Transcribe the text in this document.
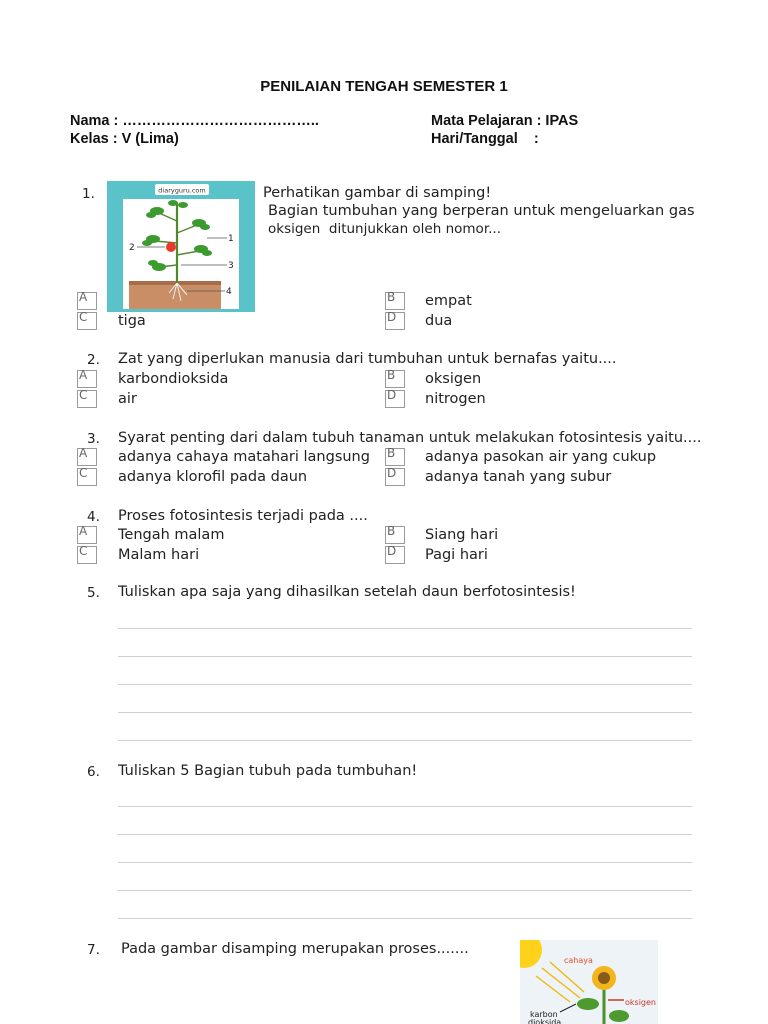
PENILAIAN TENGAH SEMESTER 1
Nama : …………………………………..
Kelas : V (Lima)
Mata Pelajaran : IPAS
Hari/Tanggal    :
1.	diaryguru.com
1
2
3
4
Perhatikan gambar di samping!
Bagian tumbuhan yang berperan untuk mengeluarkan gas
oksigen  ditunjukkan oleh nomor...
A	B empat
C tiga	D dua
2. Zat yang diperlukan manusia dari tumbuhan untuk bernafas yaitu....
A karbondioksida	B oksigen
C air	D nitrogen
3. Syarat penting dari dalam tubuh tanaman untuk melakukan fotosintesis yaitu....
A adanya cahaya matahari langsung B adanya pasokan air yang cukup
C adanya klorofil pada daun	D adanya tanah yang subur
4. Proses fotosintesis terjadi pada ....
A Tengah malam	B Siang hari
C Malam hari	D Pagi hari
5. Tuliskan apa saja yang dihasilkan setelah daun berfotosintesis!
6. Tuliskan 5 Bagian tubuh pada tumbuhan!
7. Pada gambar disamping merupakan proses.......
cahaya
oksigen
karbon
dioksida
